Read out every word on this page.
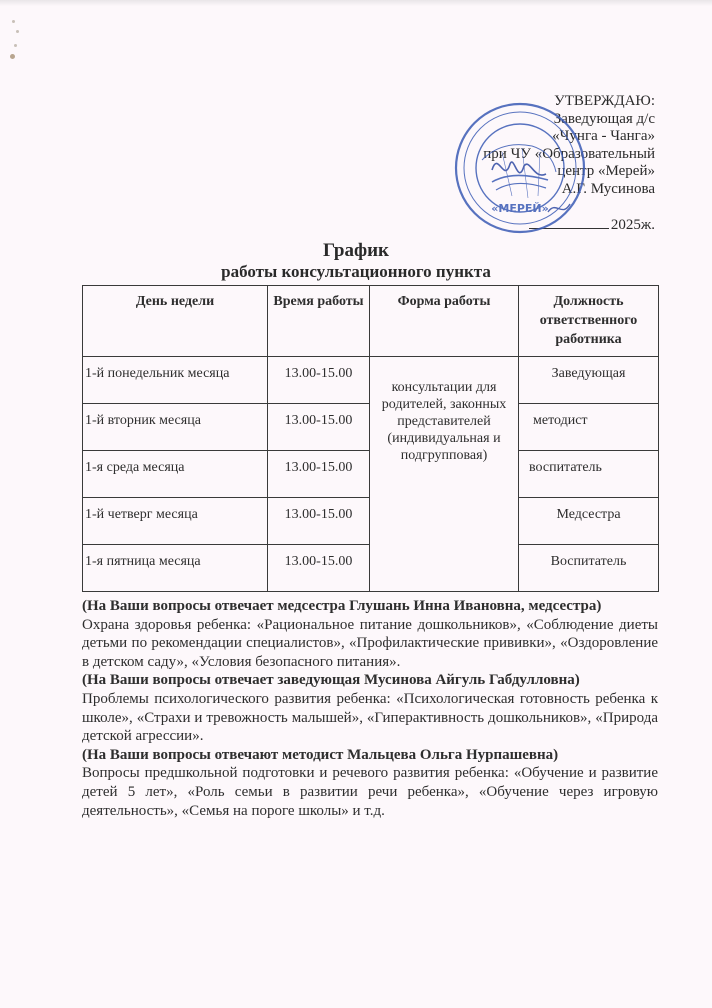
УТВЕРЖДАЮ:
Заведующая д/с
«Чунга - Чанга»
при ЧУ «Образовательный
центр «Мерей»
А.Г. Мусинова
2025ж.
«МЕРЕЙ»
График
работы консультационного пункта
День недели	Время работы	Форма работы	Должность ответственного работника
1-й понедельник месяца	13.00-15.00	консультации для родителей, законных представителей (индивидуальная и подгрупповая)	Заведующая
1-й вторник месяца	13.00-15.00		методист
1-я среда месяца	13.00-15.00		воспитатель
1-й четверг месяца	13.00-15.00		Медсестра
1-я пятница месяца	13.00-15.00		Воспитатель

(На Ваши вопросы отвечает медсестра Глушань Инна Ивановна, медсестра)

Охрана здоровья ребенка: «Рациональное питание дошкольников», «Соблюдение диеты детьми по рекомендации специалистов», «Профилактические прививки», «Оздоровление в детском саду», «Условия безопасного питания».

(На Ваши вопросы отвечает заведующая Мусинова Айгуль Габдулловна)

Проблемы психологического развития ребенка: «Психологическая готовность ребенка к школе», «Страхи и тревожность малышей», «Гиперактивность дошкольников», «Природа детской агрессии».

(На Ваши вопросы отвечают методист Мальцева Ольга Нурпашевна)

Вопросы предшкольной подготовки и речевого развития ребенка: «Обучение и развитие детей 5 лет», «Роль семьи в развитии речи ребенка», «Обучение через игровую деятельность», «Семья на пороге школы» и т.д.
